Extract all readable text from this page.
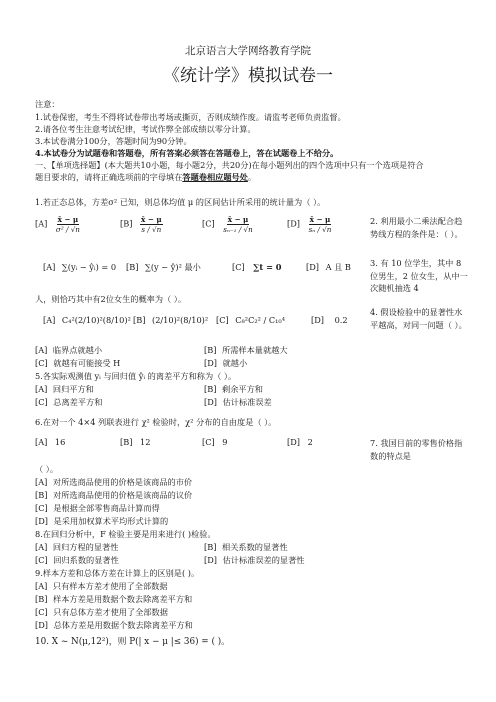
北京语言大学网络教育学院
《统计学》模拟试卷一
注意：
1.试卷保密，考生不得将试卷带出考场或撕页，否则成绩作废。请监考老师负责监督。
2.请各位考生注意考试纪律，考试作弊全部成绩以零分计算。
3.本试卷满分100分，答题时间为90分钟。
4.本试卷分为试题卷和答题卷，所有答案必须答在答题卷上，答在试题卷上不给分。
一、【单项选择题】(本大题共10小题，每小题2分，共20分)在每小题列出的四个选项中只有一个选项是符合
题目要求的，请将正确选项前的字母填在答题卷相应题号处。
1.若正态总体，方差σ² 已知，则总体均值 μ 的区间估计所采用的统计量为（ ）。
$[A] \frac{x̄ - \mu}{\text{σ² / √n}}$	$[B] \frac{x̄ - \mu}{s / √n}$	$[C] \frac{x̄ - \mu}{\text{sₙ₋₁ / √n}}$	$[D] \frac{x̄ - \mu}{\text{sₙ / √n}}$	2. 利用最小二乘法配合趋势线方程的条件是：（ ）。
3. 有 10 位学生，其中 8 位男生，2 位女生，从中一次随机抽选 4
4. 假设检验中的显著性水平越高，对同一问题（ ）。
[A] ∑(yᵢ − ŷᵢ) = 0 [B] ∑(y − ŷ)² 最小	[C] ∑t = 0	[D] A 且 B
人，则恰巧其中有2位女生的概率为（ ）。
[A] C₄²(2/10)²(8/10)² [B] (2/10)²(8/10)² [C] C₈²C₂² / C₁₀⁴	[D] 0.2
[A] 临界点就越小	[B] 所需样本量就越大
[C] 就越有可能接受 H	[D] 就越小
5.各实际观测值 yᵢ 与回归值 ŷᵢ 的离差平方和称为（ ）。
[A] 回归平方和	[B] 剩余平方和
[C] 总离差平方和	[D] 估计标准误差
6.在对一个 4×4 列联表进行 χ² 检验时，χ² 分布的自由度是（ ）。
[A] 16	[B] 12	[C] 9	[D] 2	7. 我国目前的零售价格指数的特点是
（ ）。
[A] 对所选商品使用的价格是该商品的市价
[B] 对所选商品使用的价格是该商品的议价
[C] 是根据全部零售商品计算而得
[D] 是采用加权算术平均形式计算的
8.在回归分析中，F 检验主要是用来进行( )检验。
[A] 回归方程的显著性	[B] 相关系数的显著性
[C] 回归系数的显著性	[D] 估计标准误差的显著性
9.样本方差和总体方差在计算上的区别是( )。
[A] 只有样本方差才使用了全部数据
[B] 样本方差是用数据个数去除离差平方和
[C] 只有总体方差才使用了全部数据
[D] 总体方差是用数据个数去除离差平方和
10. X ~ N(μ,12²)，则 P(| x − μ |≤ 36) = ( )。
